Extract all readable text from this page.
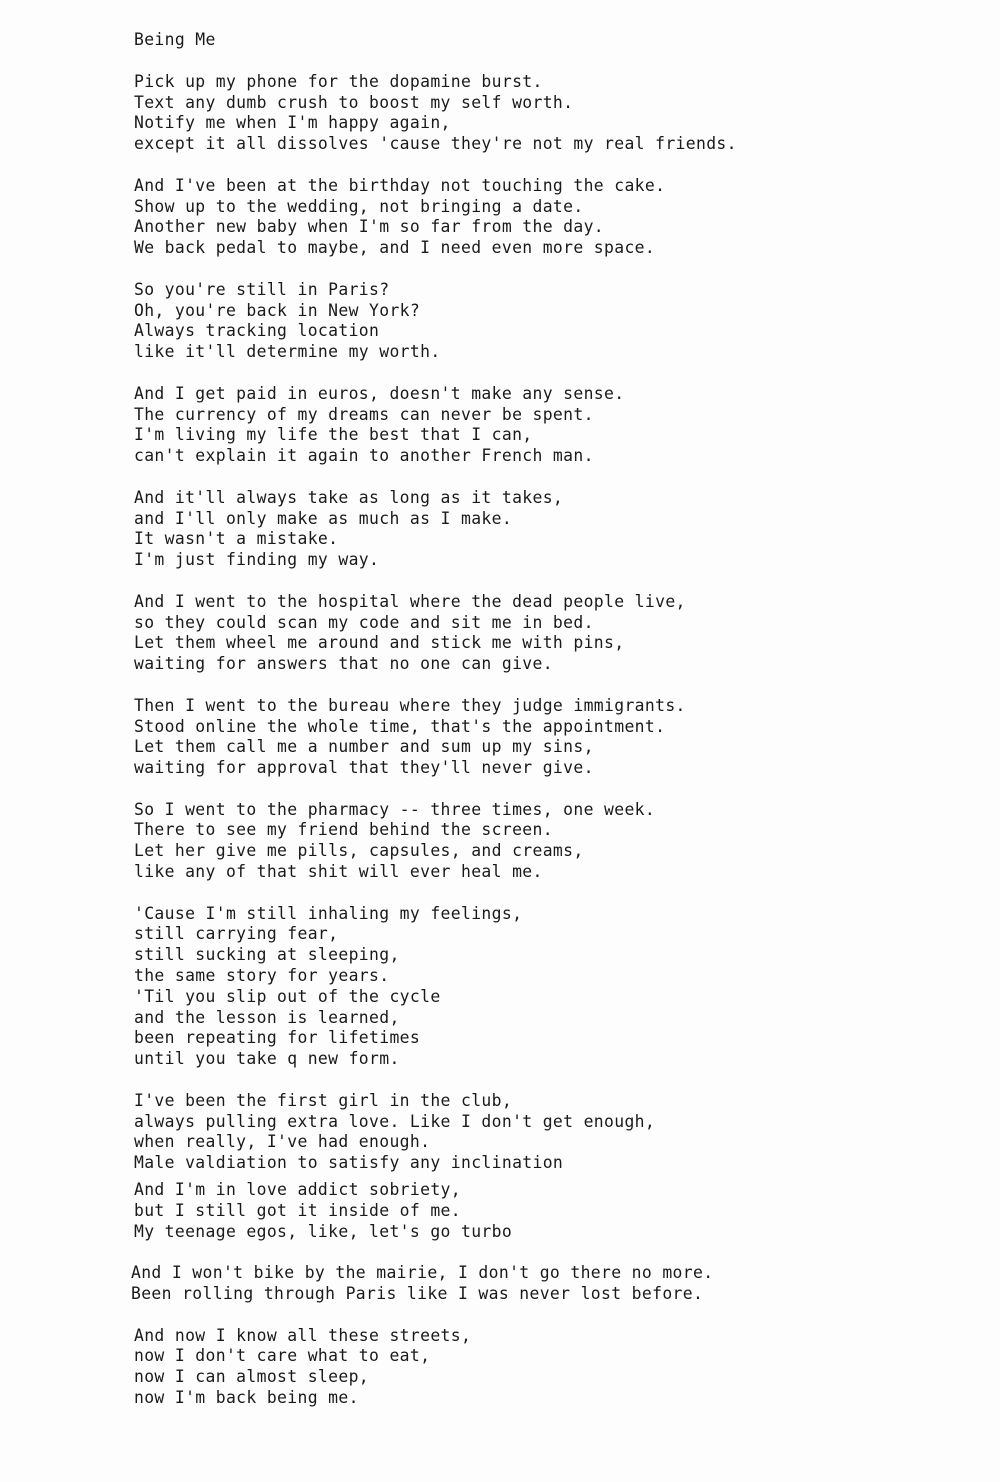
Being Me
Pick up my phone for the dopamine burst.
Text any dumb crush to boost my self worth.
Notify me when I'm happy again,
except it all dissolves 'cause they're not my real friends.
And I've been at the birthday not touching the cake.
Show up to the wedding, not bringing a date.
Another new baby when I'm so far from the day.
We back pedal to maybe, and I need even more space.
So you're still in Paris?
Oh, you're back in New York?
Always tracking location
like it'll determine my worth.
And I get paid in euros, doesn't make any sense.
The currency of my dreams can never be spent.
I'm living my life the best that I can,
can't explain it again to another French man.
And it'll always take as long as it takes,
and I'll only make as much as I make.
It wasn't a mistake.
I'm just finding my way.
And I went to the hospital where the dead people live,
so they could scan my code and sit me in bed.
Let them wheel me around and stick me with pins,
waiting for answers that no one can give.
Then I went to the bureau where they judge immigrants.
Stood online the whole time, that's the appointment.
Let them call me a number and sum up my sins,
waiting for approval that they'll never give.
So I went to the pharmacy -- three times, one week.
There to see my friend behind the screen.
Let her give me pills, capsules, and creams,
like any of that shit will ever heal me.
'Cause I'm still inhaling my feelings,
still carrying fear,
still sucking at sleeping,
the same story for years.
'Til you slip out of the cycle
and the lesson is learned,
been repeating for lifetimes
until you take q new form.
I've been the first girl in the club,
always pulling extra love. Like I don't get enough,
when really, I've had enough.
Male valdiation to satisfy any inclination
And I'm in love addict sobriety,
but I still got it inside of me.
My teenage egos, like, let's go turbo
And I won't bike by the mairie, I don't go there no more.
Been rolling through Paris like I was never lost before.
And now I know all these streets,
now I don't care what to eat,
now I can almost sleep,
now I'm back being me.
